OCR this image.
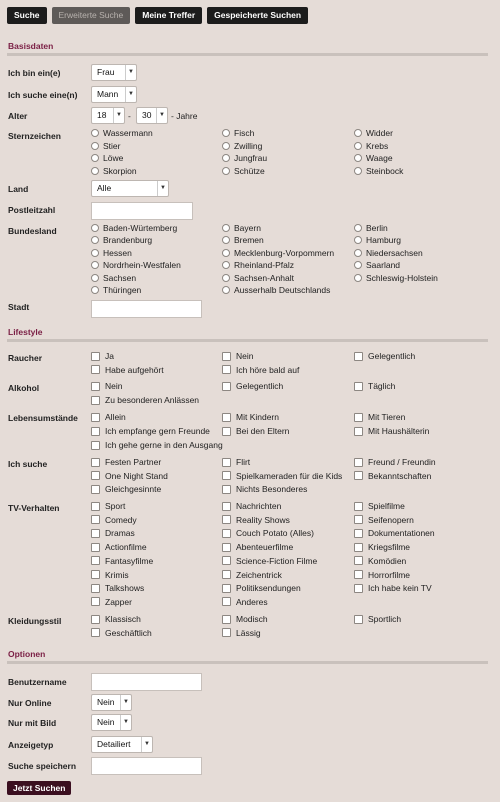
Suche	Erweiterte Suche	Meine Treffer	Gespeicherte Suchen
Basisdaten
Ich bin ein(e)	Frau	▼
Ich suche eine(n)	Mann	▼
Alter	18	▼ -	30	▼ - Jahre
Sternzeichen	Wassermann	Fisch	Widder
Stier	Zwilling	Krebs
Löwe	Jungfrau	Waage
Skorpion	Schütze	Steinbock
Land	Alle	▼
Postleitzahl
Bundesland	Baden-Würtemberg	Bayern	Berlin
Brandenburg	Bremen	Hamburg
Hessen	Mecklenburg-Vorpommern	Niedersachsen
Nordrhein-Westfalen	Rheinland-Pfalz	Saarland
Sachsen	Sachsen-Anhalt	Schleswig-Holstein
Thüringen	Ausserhalb Deutschlands
Stadt
Lifestyle
Raucher	Ja	Nein	Gelegentlich
Habe aufgehört	Ich höre bald auf
Alkohol	Nein	Gelegentlich	Täglich
Zu besonderen Anlässen
Lebensumstände	Allein	Mit Kindern	Mit Tieren
Ich empfange gern Freunde	Bei den Eltern	Mit Haushälterin
Ich gehe gerne in den Ausgang
Ich suche	Festen Partner	Flirt	Freund / Freundin
One Night Stand	Spielkameraden für die Kids	Bekanntschaften
Gleichgesinnte	Nichts Besonderes
TV-Verhalten	Sport	Nachrichten	Spielfilme
Comedy	Reality Shows	Seifenopern
Dramas	Couch Potato (Alles)	Dokumentationen
Actionfilme	Abenteuerfilme	Kriegsfilme
Fantasyfilme	Science-Fiction Filme	Komödien
Krimis	Zeichentrick	Horrorfilme
Talkshows	Politiksendungen	Ich habe kein TV
Zapper	Anderes
Kleidungsstil	Klassisch	Modisch	Sportlich
Geschäftlich	Lässig
Optionen
Benutzername
Nur Online	Nein	▼
Nur mit Bild	Nein	▼
Anzeigetyp	Detailiert	▼
Suche speichern
Jetzt Suchen
